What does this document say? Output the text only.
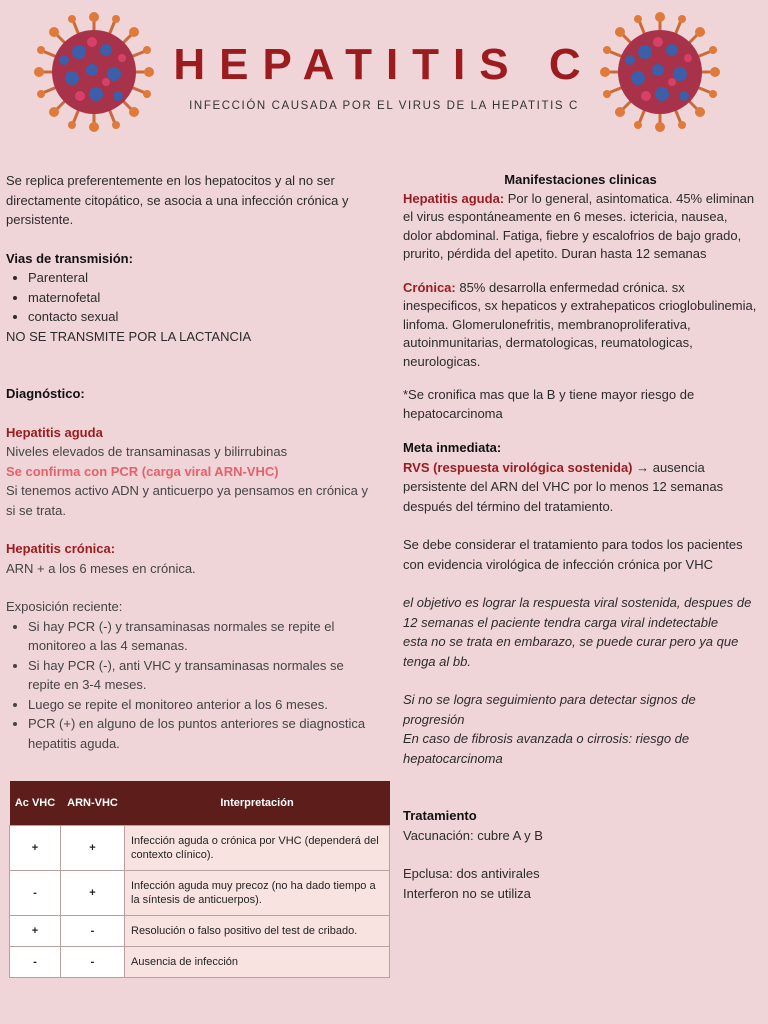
HEPATITIS C
INFECCIÓN CAUSADA POR EL VIRUS DE LA HEPATITIS C

Se replica preferentemente en los hepatocitos y al no ser directamente citopático, se asocia a una infección crónica y persistente.

Vias de transmisión:

• Parenteral
• maternofetal
• contacto sexual

NO SE TRANSMITE POR LA LACTANCIA

Diagnóstico:

Hepatitis aguda

Niveles elevados de transaminasas y bilirrubinas

Se confirma con PCR (carga viral ARN-VHC)

Si tenemos activo ADN y anticuerpo ya pensamos en crónica y si se trata.

Hepatitis crónica:

ARN + a los 6 meses en crónica.

Exposición reciente:

• Si hay PCR (-) y transaminasas normales se repite el monitoreo a las 4 semanas.
• Si hay PCR (-), anti VHC y transaminasas normales se repite en 3-4 meses.
• Luego se repite el monitoreo anterior a los 6 meses.
• PCR (+) en alguno de los puntos anteriores se diagnostica hepatitis aguda.
Ac VHC	ARN-VHC	Interpretación
+	+	Infección aguda o crónica por VHC (dependerá del contexto clínico).
-	+	Infección aguda muy precoz (no ha dado tiempo a la síntesis de anticuerpos).
+	-	Resolución o falso positivo del test de cribado.
-	-	Ausencia de infección

Manifestaciones clinicas

Hepatitis aguda: Por lo general, asintomatica. 45% eliminan el virus espontáneamente en 6 meses. ictericia, nausea, dolor abdominal. Fatiga, fiebre y escalofrios de bajo grado, prurito, pérdida del apetito. Duran hasta 12 semanas

Crónica: 85% desarrolla enfermedad crónica. sx inespecificos, sx hepaticos y extrahepaticos crioglobulinemia, linfoma. Glomerulonefritis, membranoproliferativa, autoinmunitarias, dermatologicas, reumatologicas, neurologicas.

*Se cronifica mas que la B y tiene mayor riesgo de hepatocarcinoma

Meta inmediata:

RVS (respuesta virológica sostenida) → ausencia persistente del ARN del VHC por lo menos 12 semanas después del término del tratamiento.

Se debe considerar el tratamiento para todos los pacientes con evidencia virológica de infección crónica por VHC

el objetivo es lograr la respuesta viral sostenida, despues de 12 semanas el paciente tendra carga viral indetectable

esta no se trata en embarazo, se puede curar pero ya que tenga al bb.

Si no se logra seguimiento para detectar signos de progresión

En caso de fibrosis avanzada o cirrosis: riesgo de hepatocarcinoma

Tratamiento

Vacunación: cubre A y B

Epclusa: dos antivirales

Interferon no se utiliza
